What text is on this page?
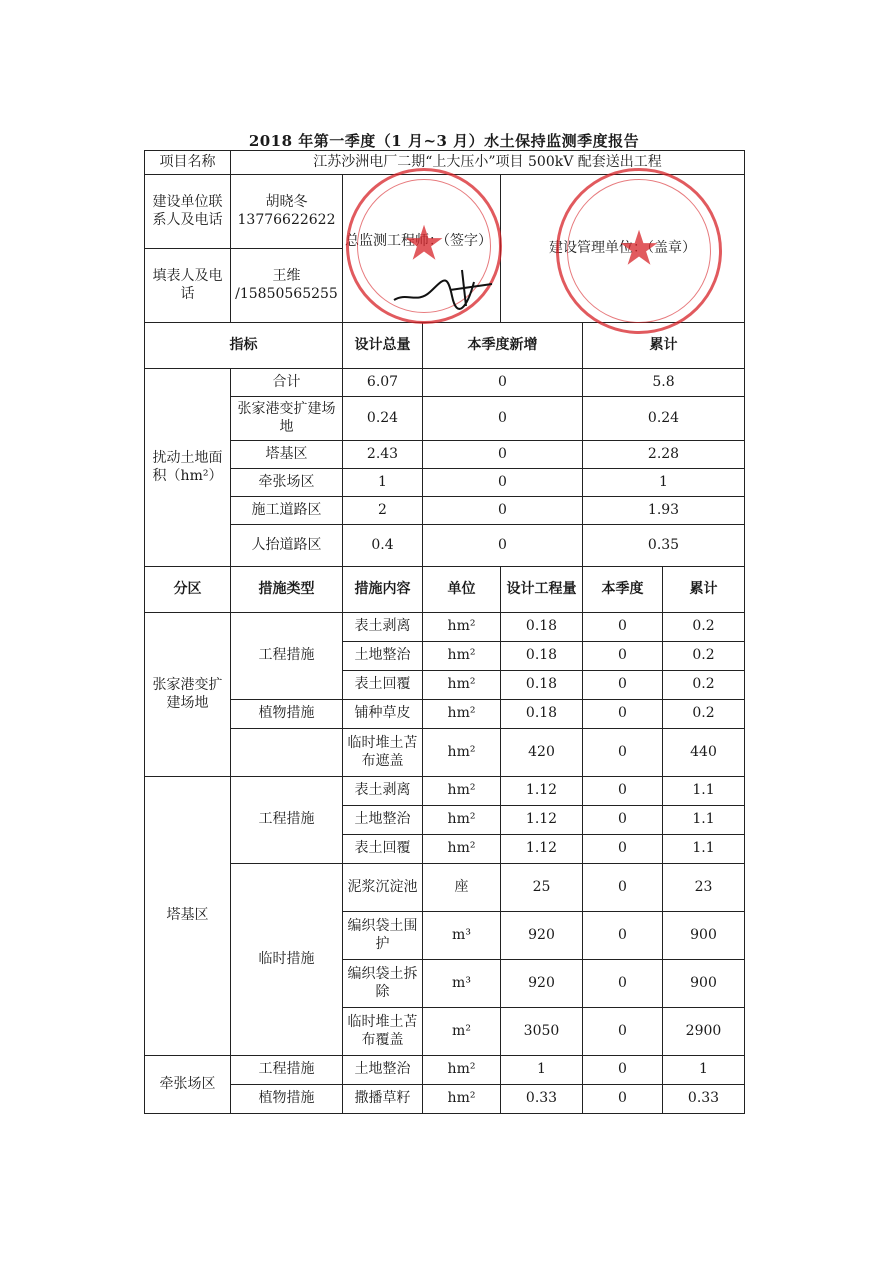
2018 年第一季度（1 月~3 月）水土保持监测季度报告
项目名称	江苏沙洲电厂二期“上大压小”项目 500kV 配套送出工程					
建设单位联系人及电话	胡晓冬 13776622622	总监测工程师：（签字）		建设管理单位：（盖章）		
填表人及电话	王维 /15850565255					
指标		设计总量	本季度新增		累计	
扰动土地面积（hm²）	合计	6.07	0		5.8	
	张家港变扩建场地	0.24	0		0.24	
	塔基区	2.43	0		2.28	
	牵张场区	1	0		1	
	施工道路区	2	0		1.93	
	人抬道路区	0.4	0		0.35	
分区	措施类型	措施内容	单位	设计工程量	本季度	累计
张家港变扩建场地	工程措施	表土剥离	hm²	0.18	0	0.2
		土地整治	hm²	0.18	0	0.2
		表土回覆	hm²	0.18	0	0.2
	植物措施	铺种草皮	hm²	0.18	0	0.2
		临时堆土苫布遮盖	hm²	420	0	440
塔基区	工程措施	表土剥离	hm²	1.12	0	1.1
		土地整治	hm²	1.12	0	1.1
		表土回覆	hm²	1.12	0	1.1
	临时措施	泥浆沉淀池	座	25	0	23
		编织袋土围护	m³	920	0	900
		编织袋土拆除	m³	920	0	900
		临时堆土苫布覆盖	m²	3050	0	2900
牵张场区	工程措施	土地整治	hm²	1	0	1
	植物措施	撒播草籽	hm²	0.33	0	0.33
★	★
